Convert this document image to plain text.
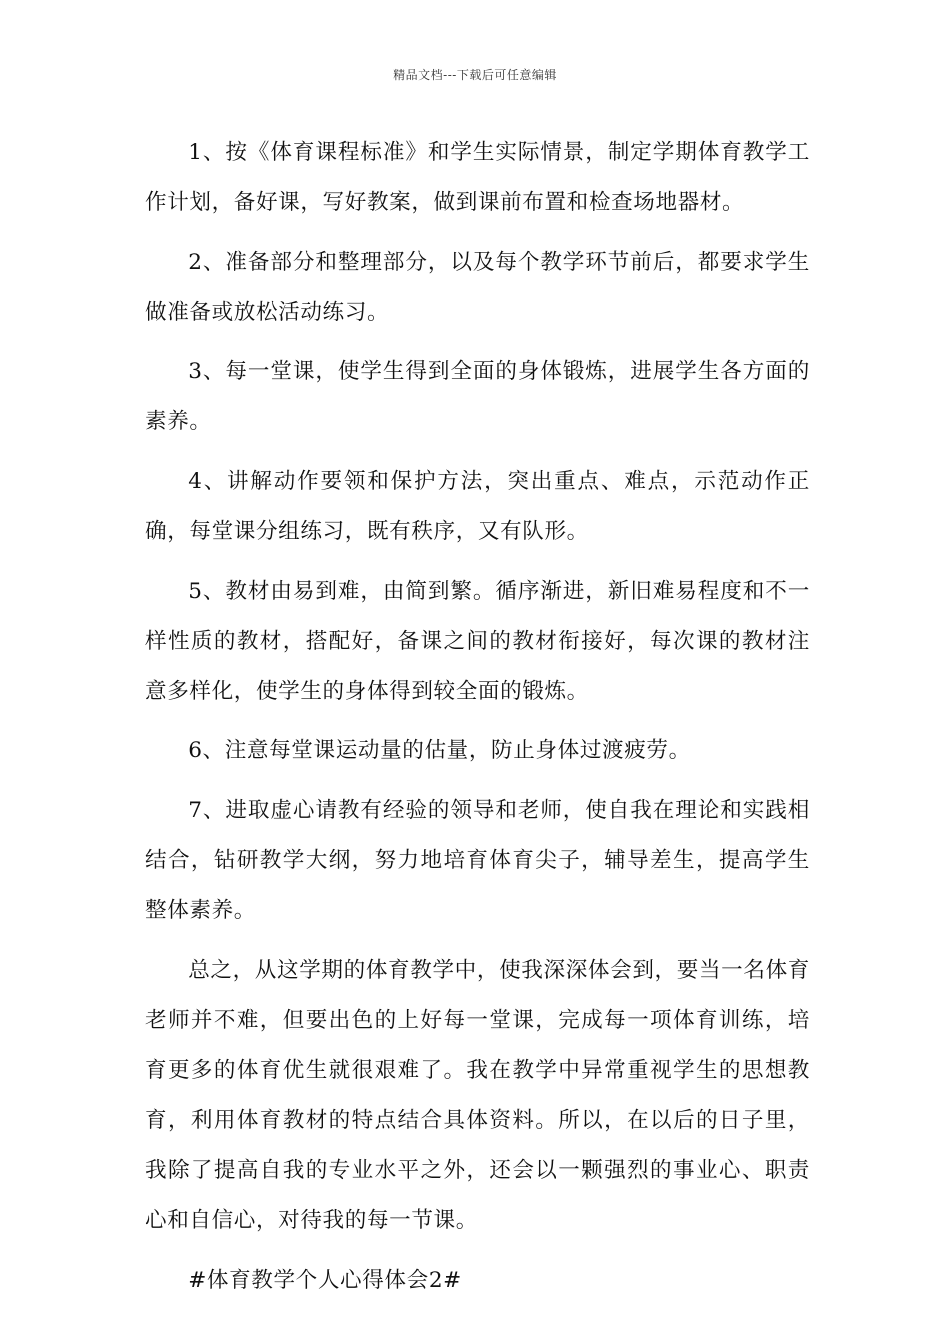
精品文档---下载后可任意编辑

1、按《体育课程标准》和学生实际情景，制定学期体育教学工作计划，备好课，写好教案，做到课前布置和检查场地器材。

2、准备部分和整理部分，以及每个教学环节前后，都要求学生做准备或放松活动练习。

3、每一堂课，使学生得到全面的身体锻炼，进展学生各方面的素养。

4、讲解动作要领和保护方法，突出重点、难点，示范动作正确，每堂课分组练习，既有秩序，又有队形。

5、教材由易到难，由简到繁。循序渐进，新旧难易程度和不一样性质的教材，搭配好，备课之间的教材衔接好，每次课的教材注意多样化，使学生的身体得到较全面的锻炼。

6、注意每堂课运动量的估量，防止身体过渡疲劳。

7、进取虚心请教有经验的领导和老师，使自我在理论和实践相结合，钻研教学大纲，努力地培育体育尖子，辅导差生，提高学生整体素养。

总之，从这学期的体育教学中，使我深深体会到，要当一名体育老师并不难，但要出色的上好每一堂课，完成每一项体育训练，培育更多的体育优生就很艰难了。我在教学中异常重视学生的思想教育，利用体育教材的特点结合具体资料。所以，在以后的日子里，我除了提高自我的专业水平之外，还会以一颗强烈的事业心、职责心和自信心，对待我的每一节课。

#体育教学个人心得体会2#
